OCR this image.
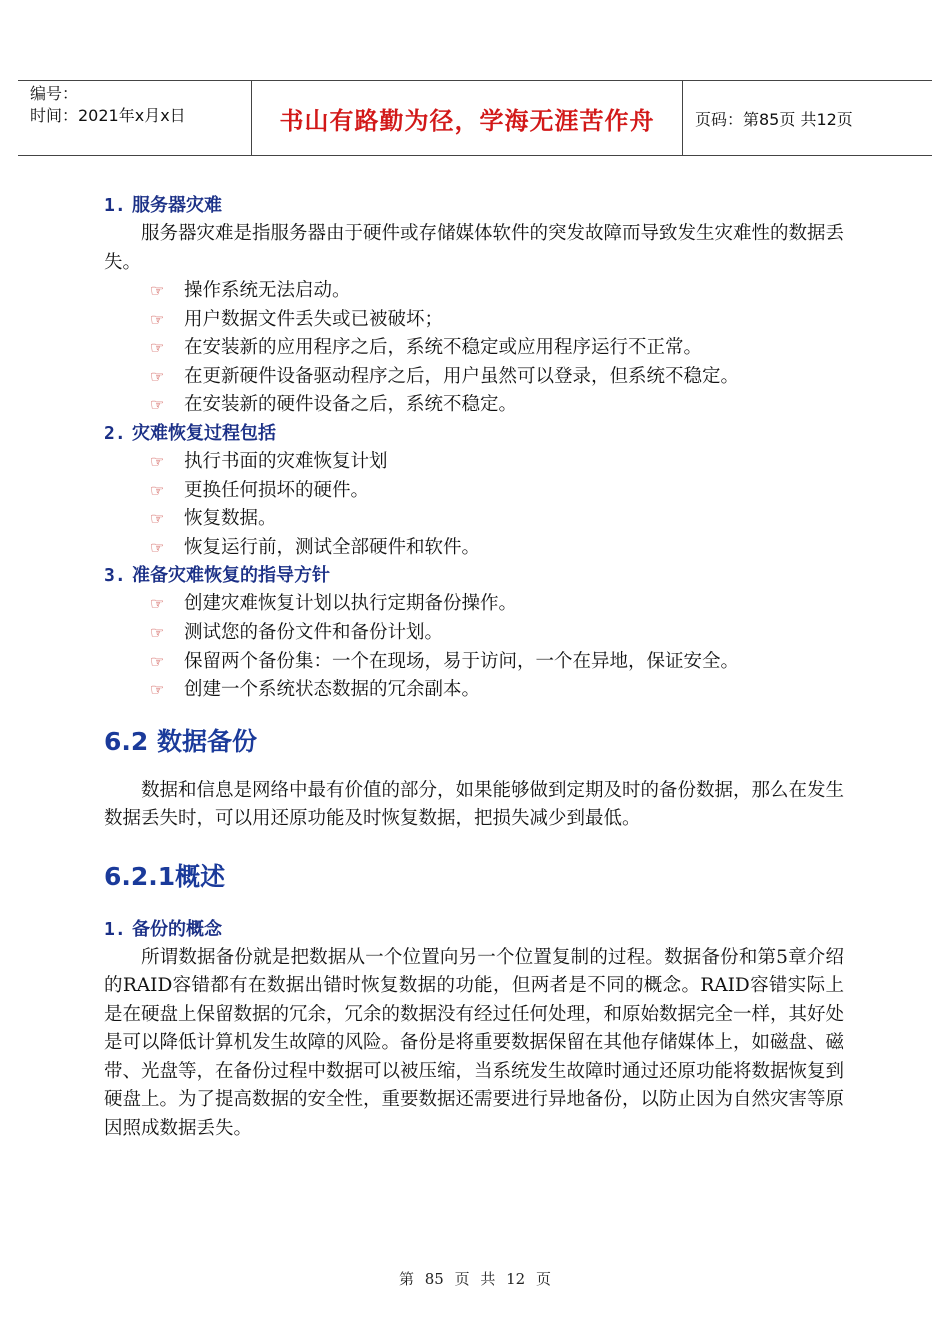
编号：
时间：2021年x月x日	书山有路勤为径，学海无涯苦作舟	页码：第85页 共12页
1. 服务器灾难

服务器灾难是指服务器由于硬件或存储媒体软件的突发故障而导致发生灾难性的数据丢失。

☞	操作系统无法启动。
☞	用户数据文件丢失或已被破坏；
☞	在安装新的应用程序之后，系统不稳定或应用程序运行不正常。
☞	在更新硬件设备驱动程序之后，用户虽然可以登录，但系统不稳定。
☞	在安装新的硬件设备之后，系统不稳定。
2. 灾难恢复过程包括
☞	执行书面的灾难恢复计划
☞	更换任何损坏的硬件。
☞	恢复数据。
☞	恢复运行前，测试全部硬件和软件。
3. 准备灾难恢复的指导方针
☞	创建灾难恢复计划以执行定期备份操作。
☞	测试您的备份文件和备份计划。
☞	保留两个备份集：一个在现场，易于访问，一个在异地，保证安全。
☞	创建一个系统状态数据的冗余副本。
6.2 数据备份

数据和信息是网络中最有价值的部分，如果能够做到定期及时的备份数据，那么在发生数据丢失时，可以用还原功能及时恢复数据，把损失减少到最低。

6.2.1概述
1. 备份的概念

所谓数据备份就是把数据从一个位置向另一个位置复制的过程。数据备份和第5章介绍的RAID容错都有在数据出错时恢复数据的功能，但两者是不同的概念。RAID容错实际上是在硬盘上保留数据的冗余，冗余的数据没有经过任何处理，和原始数据完全一样，其好处是可以降低计算机发生故障的风险。备份是将重要数据保留在其他存储媒体上，如磁盘、磁带、光盘等，在备份过程中数据可以被压缩，当系统发生故障时通过还原功能将数据恢复到硬盘上。为了提高数据的安全性，重要数据还需要进行异地备份，以防止因为自然灾害等原因照成数据丢失。

第 85 页 共 12 页
